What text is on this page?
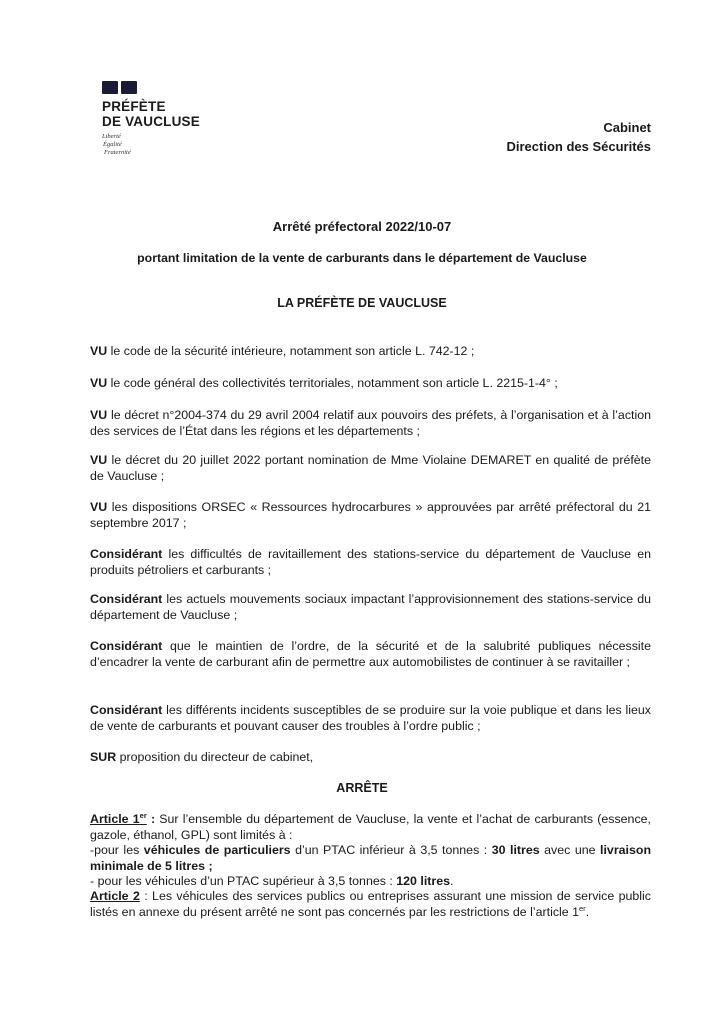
PRÉFÈTE
DE VAUCLUSE
Liberté
Égalité
Fraternité
Cabinet
Direction des Sécurités
Arrêté préfectoral 2022/10-07
portant limitation de la vente de carburants dans le département de Vaucluse
LA PRÉFÈTE DE VAUCLUSE
VU le code de la sécurité intérieure, notamment son article L. 742-12 ;
VU le code général des collectivités territoriales, notamment son article L. 2215-1-4° ;
VU le décret n°2004-374 du 29 avril 2004 relatif aux pouvoirs des préfets, à l’organisation et à l’action des services de l’État dans les régions et les départements ;
VU le décret du 20 juillet 2022 portant nomination de Mme Violaine DEMARET en qualité de préfète de Vaucluse ;
VU les dispositions ORSEC « Ressources hydrocarbures » approuvées par arrêté préfectoral du 21 septembre 2017 ;
Considérant les difficultés de ravitaillement des stations-service du département de Vaucluse en produits pétroliers et carburants ;
Considérant les actuels mouvements sociaux impactant l’approvisionnement des stations-service du département de Vaucluse ;
Considérant que le maintien de l’ordre, de la sécurité et de la salubrité publiques nécessite d’encadrer la vente de carburant afin de permettre aux automobilistes de continuer à se ravitailler ;
Considérant les différents incidents susceptibles de se produire sur la voie publique et dans les lieux de vente de carburants et pouvant causer des troubles à l’ordre public ;
SUR proposition du directeur de cabinet,
ARRÊTE
Article 1er : Sur l’ensemble du département de Vaucluse, la vente et l’achat de carburants (essence, gazole, éthanol, GPL) sont limités à :
-pour les véhicules de particuliers d’un PTAC inférieur à 3,5 tonnes : 30 litres avec une livraison minimale de 5 litres ;
- pour les véhicules d’un PTAC supérieur à 3,5 tonnes : 120 litres.
Article 2 : Les véhicules des services publics ou entreprises assurant une mission de service public listés en annexe du présent arrêté ne sont pas concernés par les restrictions de l’article 1er.
